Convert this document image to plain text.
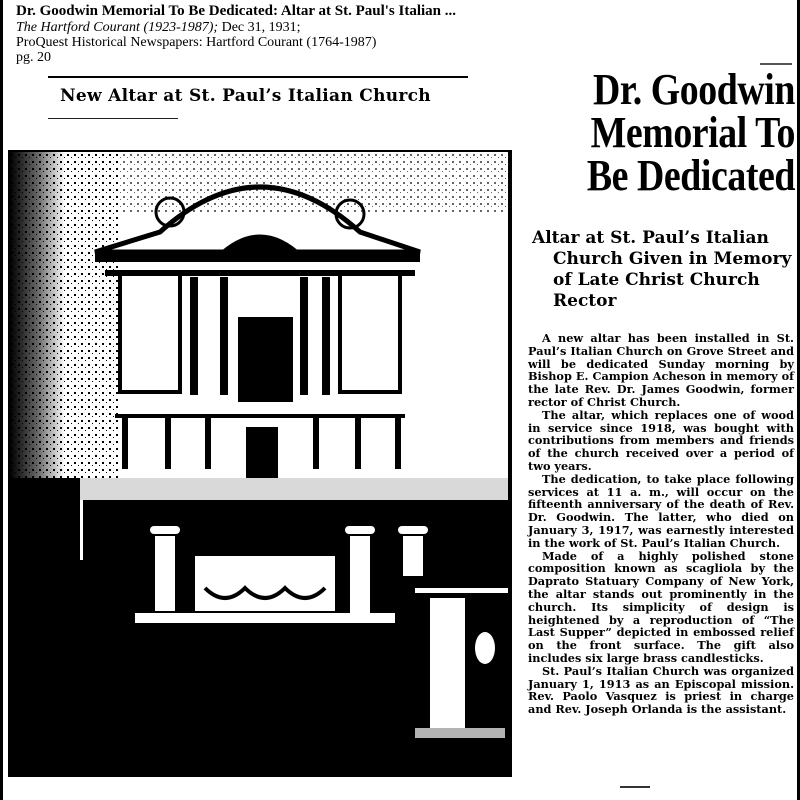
Dr. Goodwin Memorial To Be Dedicated: Altar at St. Paul's Italian ...
The Hartford Courant (1923-1987); Dec 31, 1931;
ProQuest Historical Newspapers: Hartford Courant (1764-1987)
pg. 20
New Altar at St. Paul’s Italian Church	Dr. Goodwin
Memorial To
Be Dedicated
Altar at St. Paul’s Italian
Church Given in Memory
of Late Christ Church
Rector

A new altar has been installed in St. Paul’s Italian Church on Grove Street and will be dedicated Sunday morning by Bishop E. Campion Acheson in memory of the late Rev. Dr. James Goodwin, former rector of Christ Church.

The altar, which replaces one of wood in service since 1918, was bought with contributions from members and friends of the church received over a period of two years.

The dedication, to take place following services at 11 a. m., will occur on the fifteenth anniversary of the death of Rev. Dr. Goodwin. The latter, who died on January 3, 1917, was earnestly interested in the work of St. Paul’s Italian Church.

Made of a highly polished stone composition known as scagliola by the Daprato Statuary Company of New York, the altar stands out prominently in the church. Its simplicity of design is heightened by a reproduction of “The Last Supper” depicted in embossed relief on the front surface. The gift also includes six large brass candlesticks.

St. Paul’s Italian Church was organized January 1, 1913 as an Episcopal mission. Rev. Paolo Vasquez is priest in charge and Rev. Joseph Orlanda is the assistant.
